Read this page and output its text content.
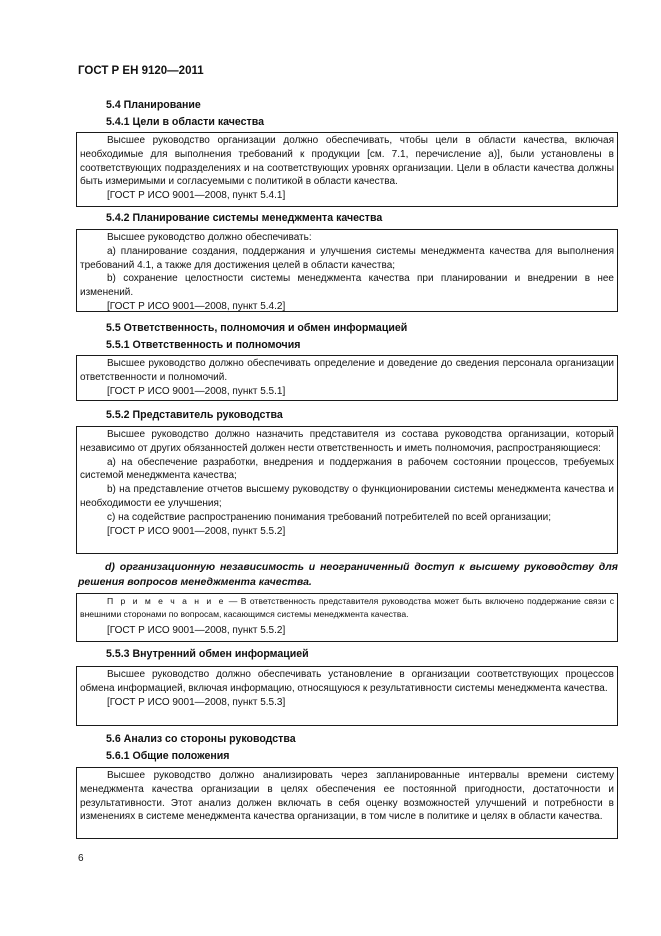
ГОСТ Р ЕН 9120—2011
5.4 Планирование
5.4.1 Цели в области качества

Высшее руководство организации должно обеспечивать, чтобы цели в области качества, включая необходимые для выполнения требований к продукции [см. 7.1, перечисление а)], были установлены в соответствующих подразделениях и на соответствующих уровнях организации. Цели в области качества должны быть измеримыми и согласуемыми с политикой в области качества.

[ГОСТ Р ИСО 9001—2008, пункт 5.4.1]

5.4.2 Планирование системы менеджмента качества

Высшее руководство должно обеспечивать:

а) планирование создания, поддержания и улучшения системы менеджмента качества для выполнения требований 4.1, а также для достижения целей в области качества;

b) сохранение целостности системы менеджмента качества при планировании и внедрении в нее изменений.

[ГОСТ Р ИСО 9001—2008, пункт 5.4.2]

5.5 Ответственность, полномочия и обмен информацией
5.5.1 Ответственность и полномочия

Высшее руководство должно обеспечивать определение и доведение до сведения персонала организации ответственности и полномочий.

[ГОСТ Р ИСО 9001—2008, пункт 5.5.1]

5.5.2 Представитель руководства

Высшее руководство должно назначить представителя из состава руководства организации, который независимо от других обязанностей должен нести ответственность и иметь полномочия, распространяющиеся:

а) на обеспечение разработки, внедрения и поддержания в рабочем состоянии процессов, требуемых системой менеджмента качества;

b) на представление отчетов высшему руководству о функционировании системы менеджмента качества и необходимости ее улучшения;

с) на содействие распространению понимания требований потребителей по всей организации;

[ГОСТ Р ИСО 9001—2008, пункт 5.5.2]

d) организационную независимость и неограниченный доступ к высшему руководству для решения вопросов менеджмента качества.

П р и м е ч а н и е — В ответственность представителя руководства может быть включено поддержание связи с внешними сторонами по вопросам, касающимся системы менеджмента качества.

[ГОСТ Р ИСО 9001—2008, пункт 5.5.2]

5.5.3 Внутренний обмен информацией

Высшее руководство должно обеспечивать установление в организации соответствующих процессов обмена информацией, включая информацию, относящуюся к результативности системы менеджмента качества.

[ГОСТ Р ИСО 9001—2008, пункт 5.5.3]

5.6 Анализ со стороны руководства
5.6.1 Общие положения

Высшее руководство должно анализировать через запланированные интервалы времени систему менеджмента качества организации в целях обеспечения ее постоянной пригодности, достаточности и результативности. Этот анализ должен включать в себя оценку возможностей улучшений и потребности в изменениях в системе менеджмента качества организации, в том числе в политике и целях в области качества.

6
